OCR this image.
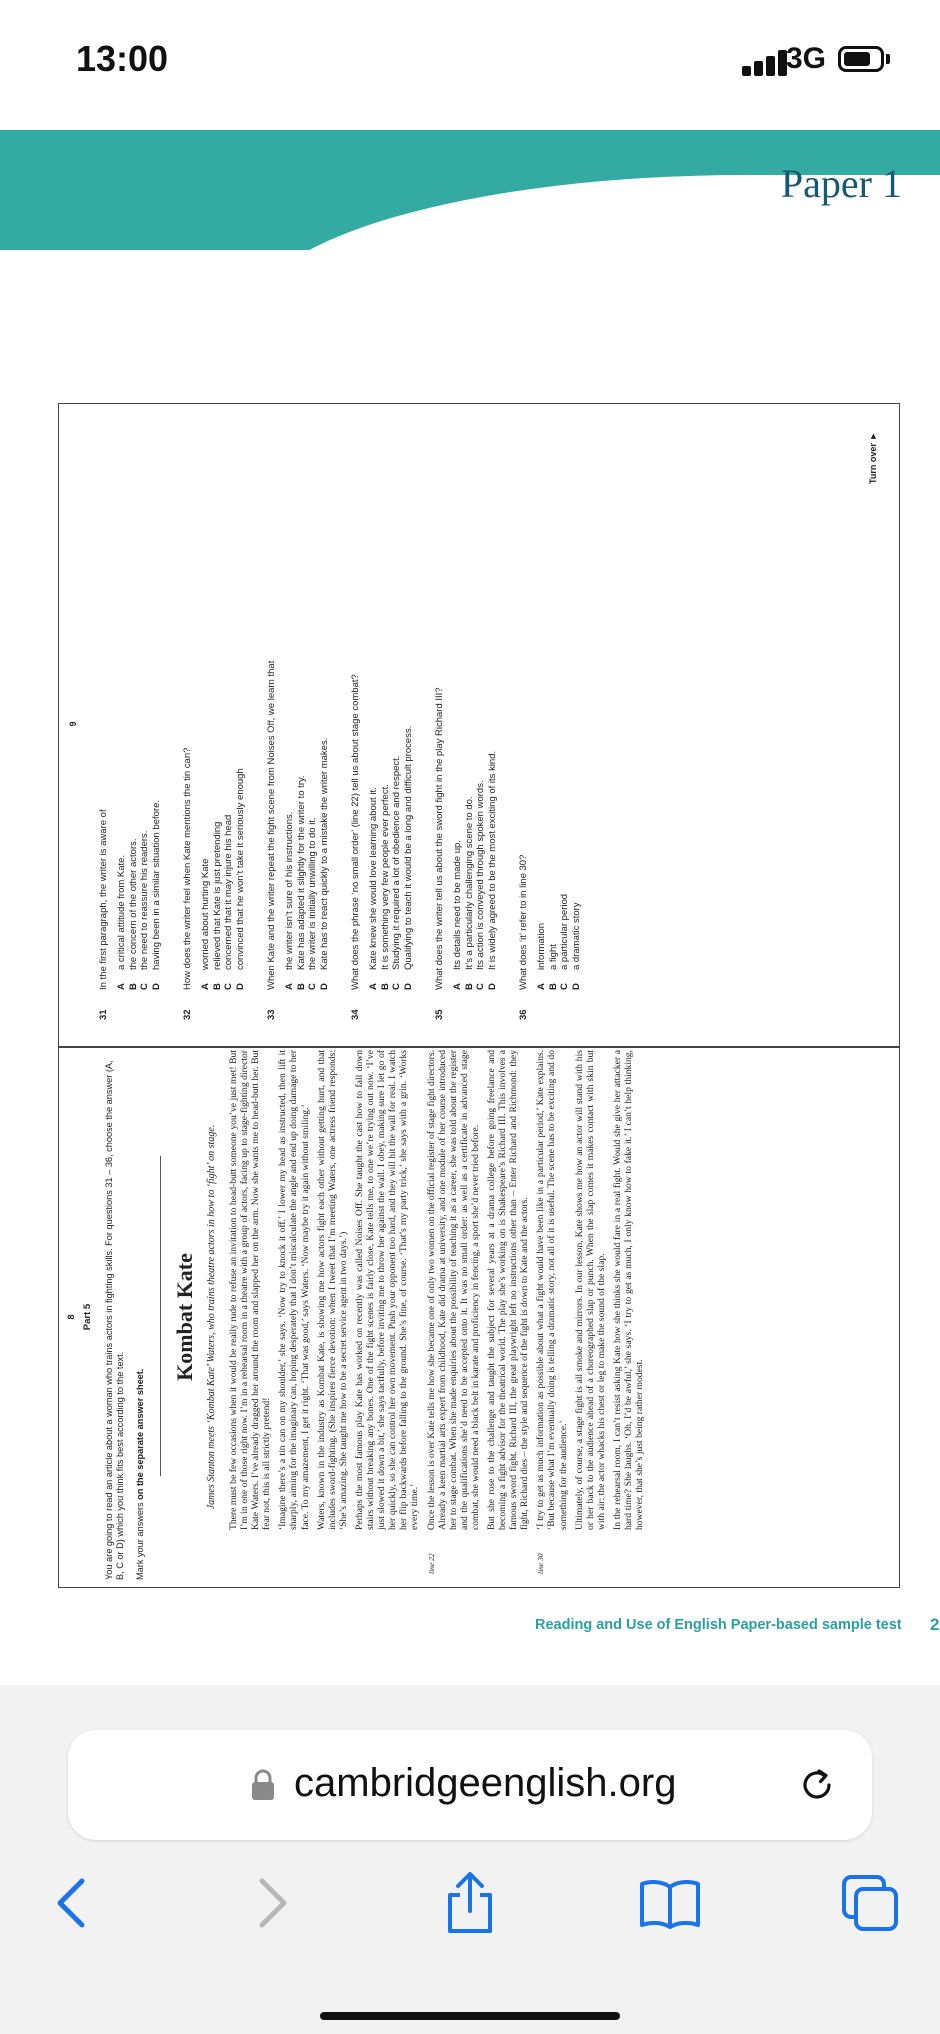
13:00	3G
Paper 1
8 Part 5 You are going to read an article about a woman who trains actors in fighting skills. For questions 31 – 36, choose the answer (A, B, C or D) which you think fits best according to the text. Mark your answers on the separate answer sheet.
Kombat Kate James Stanton meets ‘Kombat Kate’ Waters, who trains theatre actors in how to ‘fight’ on stage. There must be few occasions when it would be really rude to refuse an invitation to head-butt someone you’ve just met! But I’m in one of those right now. I’m in a rehearsal room in a theatre with a group of actors, facing up to stage-fighting director Kate Waters. I’ve already dragged her around the room and slapped her on the arm. Now she wants me to head-butt her. But fear not, this is all strictly pretend! ‘Imagine there’s a tin can on my shoulder,’ she says. ‘Now try to knock it off.’ I lower my head as instructed, then lift it sharply, aiming for the imaginary can, hoping desperately that I don’t miscalculate the angle and end up doing damage to her face. To my amazement, I get it right. ‘That was good,’ says Waters. ‘Now maybe try it again without smiling.’ Waters, known in the industry as Kombat Kate, is showing me how actors fight each other without getting hurt, and that includes sword-fighting. (She inspires fierce devotion: when I tweet that I’m meeting Waters, one actress friend responds: ‘She’s amazing. She taught me how to be a secret service agent in two days.’) Perhaps the most famous play Kate has worked on recently was called Noises Off. She taught the cast how to fall down stairs without breaking any bones. One of the fight scenes is fairly close, Kate tells me, to one we’re trying out now. ‘I’ve just slowed it down a bit,’ she says tactfully, before inviting me to throw her against the wall. I obey, making sure I let go of her quickly, so she can control her own movement. Push your opponent too hard, and they will hit the wall for real. I watch her flip backwards before falling to the ground. She’s fine, of course. ‘That’s my party trick,’ she says with a grin. ‘Works every time.’
line 22
Once the lesson is over Kate tells me how she became one of only two women on the official register of stage fight directors. Already a keen martial arts expert from childhood, Kate did drama at university, and one module of her course introduced her to stage combat. When she made enquiries about the possibility of teaching it as a career, she was told about the register and the qualifications she’d need to be accepted onto it. It was no small order: as well as a certificate in advanced stage combat, she would need a black belt in karate and proficiency in fencing, a sport she’d never tried before. But she rose to the challenge and taught the subject for several years at a drama college before going freelance and becoming a fight advisor for the theatrical world. The play she’s working on is Shakespeare’s Richard III. This involves a famous sword fight. Richard III, the great playwright left no instructions other than – Enter Richard and Richmond: they fight, Richard dies – the style and sequence of the fight is down to Kate and the actors.
line 30
‘I try to get as much information as possible about what a fight would have been like in a particular period,’ Kate explains. ‘But because what I’m eventually doing is telling a dramatic story, not all of it is useful. The scene has to be exciting and do something for the audience.’ Ultimately, of course, a stage fight is all smoke and mirrors. In our lesson, Kate shows me how an actor will stand with his or her back to the audience ahead of a choreographed slap or punch. When the slap comes it makes contact with skin but with air: the actor whacks his chest or leg to make the sound of the slap. In the rehearsal room, I can’t resist asking Kate how she thinks she would fare in a real fight. Would she give her attacker a hard time? She laughs. ‘Oh, I’d be awful,’ she says. ‘I try to get as much, I only know how to fake it.’ I can’t help thinking, however, that she’s just being rather modest.
9
31
In the first paragraph, the writer is aware of A
a critical attitude from Kate.
B
the concern of the other actors.
C
the need to reassure his readers.
D
having been in a similar situation before.
32
How does the writer feel when Kate mentions the tin can? A
worried about hurting Kate
B
relieved that Kate is just pretending
C
concerned that it may injure his head
D
convinced that he won’t take it seriously enough
33
When Kate and the writer repeat the fight scene from Noises Off, we learn that A
the writer isn’t sure of his instructions.
B
Kate has adapted it slightly for the writer to try.
C
the writer is initially unwilling to do it.
D
Kate has to react quickly to a mistake the writer makes.
34
What does the phrase ‘no small order’ (line 22) tell us about stage combat? A
Kate knew she would love learning about it.
B
It is something very few people ever perfect.
C
Studying it required a lot of obedience and respect.
D
Qualifying to teach it would be a long and difficult process.
35
What does the writer tell us about the sword fight in the play Richard III? A
Its details need to be made up.
B
It’s a particularly challenging scene to do.
C
Its action is conveyed through spoken words.
D
It is widely agreed to be the most exciting of its kind.
36
What does ‘it’ refer to in line 30? A
information
B
a fight
C
a particular period
D
a dramatic story
Turn over ►
Reading and Use of English Paper-based sample test 2
cambridgeenglish.org
